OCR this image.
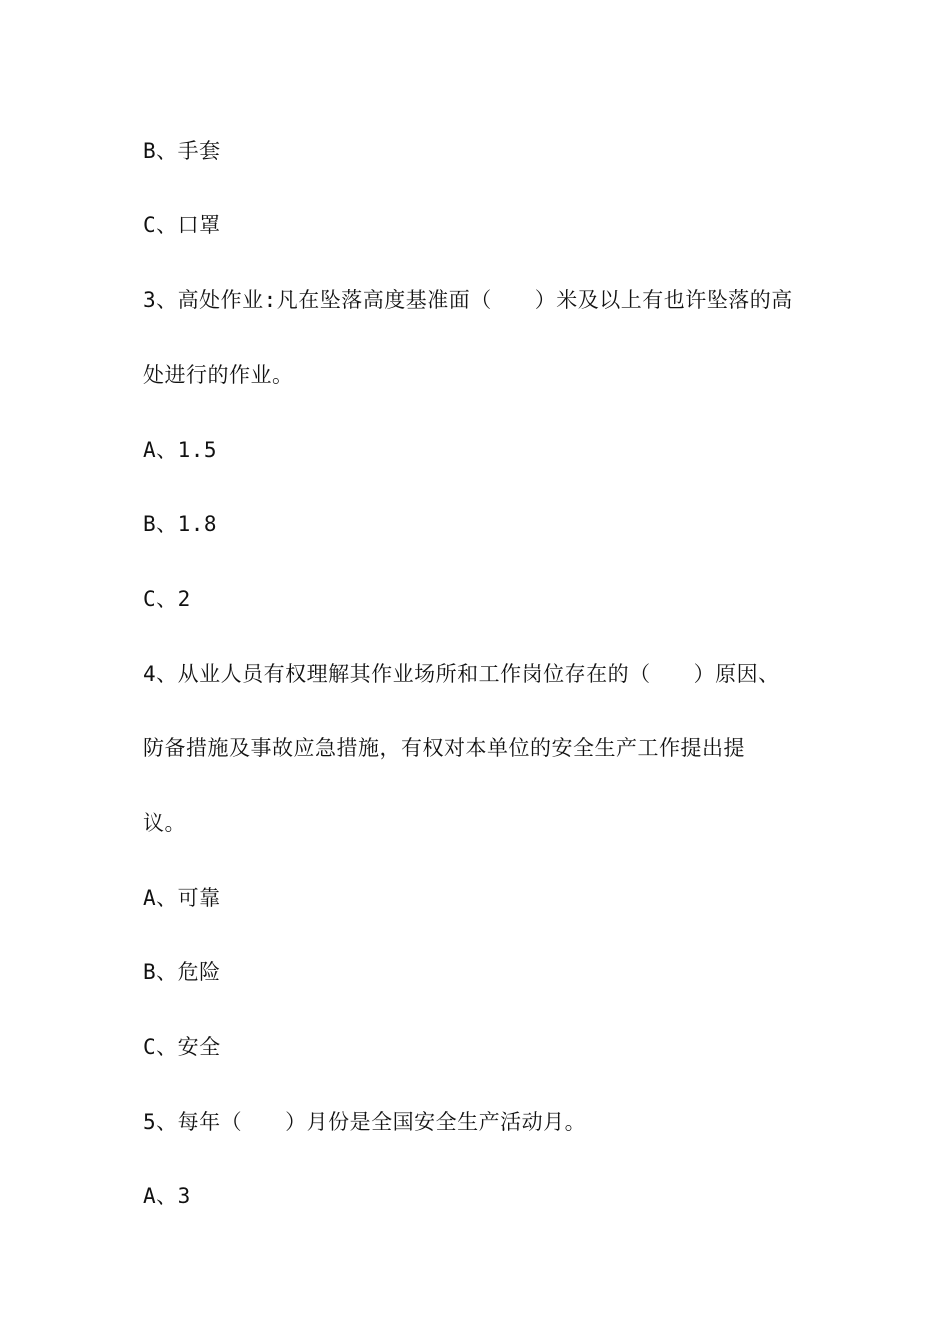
B、手套
C、口罩
3、高处作业:凡在坠落高度基准面（　　）米及以上有也许坠落的高
处进行的作业。
A、1.5
B、1.8
C、2
4、从业人员有权理解其作业场所和工作岗位存在的（　　）原因、
防备措施及事故应急措施，有权对本单位的安全生产工作提出提
议。
A、可靠
B、危险
C、安全
5、每年（　　）月份是全国安全生产活动月。
A、3
